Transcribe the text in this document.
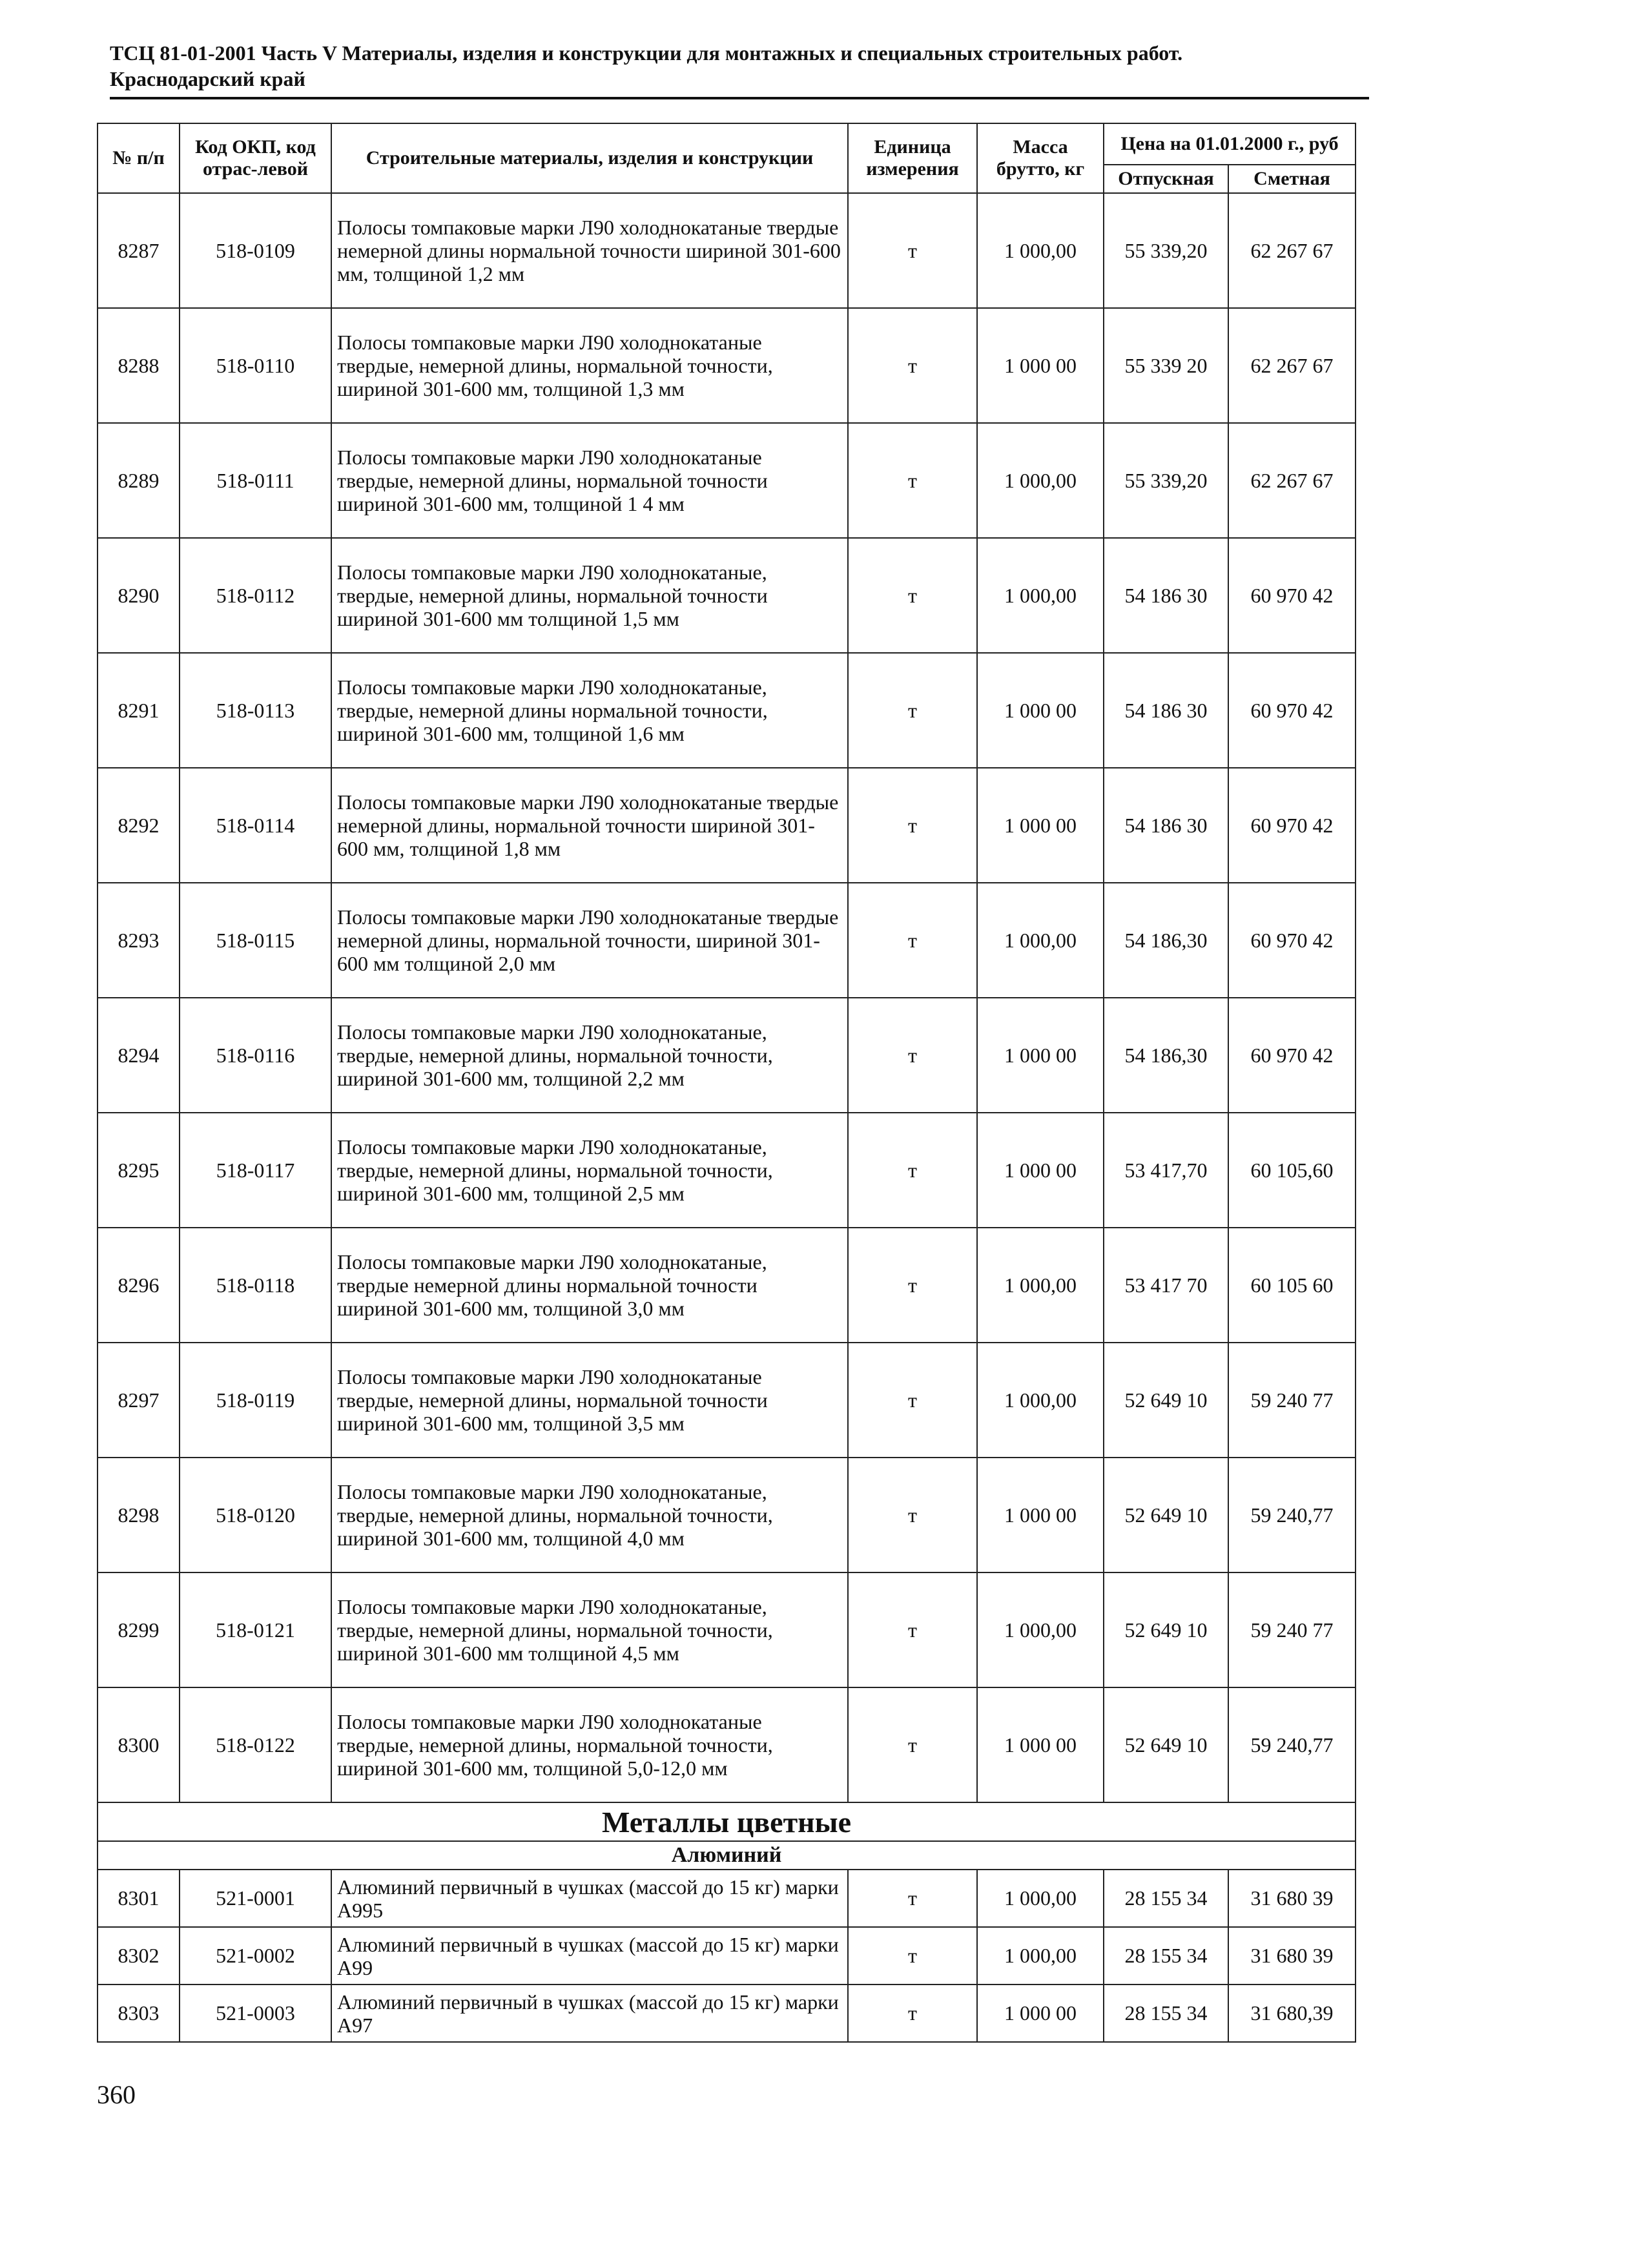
ТСЦ 81-01-2001 Часть V Материалы, изделия и конструкции для монтажных и специальных строительных работ.
Краснодарский край
№ п/п	Код ОКП, код отрас-левой	Строительные материалы, изделия и конструкции	Единица измерения	Масса брутто, кг	Цена на 01.01.2000 г., руб	
					Отпускная	Сметная
8287	518-0109	Полосы томпаковые марки Л90 холоднокатаные твердые немерной длины нормальной точности шириной 301-600 мм, толщиной 1,2 мм	т	1 000,00	55 339,20	62 267 67
8288	518-0110	Полосы томпаковые марки Л90 холоднокатаные твердые, немерной длины, нормальной точности, шириной 301-600 мм, толщиной 1,3 мм	т	1 000 00	55 339 20	62 267 67
8289	518-0111	Полосы томпаковые марки Л90 холоднокатаные твердые, немерной длины, нормальной точности шириной 301-600 мм, толщиной 1 4 мм	т	1 000,00	55 339,20	62 267 67
8290	518-0112	Полосы томпаковые марки Л90 холоднокатаные, твердые, немерной длины, нормальной точности шириной 301-600 мм толщиной 1,5 мм	т	1 000,00	54 186 30	60 970 42
8291	518-0113	Полосы томпаковые марки Л90 холоднокатаные, твердые, немерной длины нормальной точности, шириной 301-600 мм, толщиной 1,6 мм	т	1 000 00	54 186 30	60 970 42
8292	518-0114	Полосы томпаковые марки Л90 холоднокатаные твердые немерной длины, нормальной точности шириной 301-600 мм, толщиной 1,8 мм	т	1 000 00	54 186 30	60 970 42
8293	518-0115	Полосы томпаковые марки Л90 холоднокатаные твердые немерной длины, нормальной точности, шириной 301-600 мм толщиной 2,0 мм	т	1 000,00	54 186,30	60 970 42
8294	518-0116	Полосы томпаковые марки Л90 холоднокатаные, твердые, немерной длины, нормальной точности, шириной 301-600 мм, толщиной 2,2 мм	т	1 000 00	54 186,30	60 970 42
8295	518-0117	Полосы томпаковые марки Л90 холоднокатаные, твердые, немерной длины, нормальной точности, шириной 301-600 мм, толщиной 2,5 мм	т	1 000 00	53 417,70	60 105,60
8296	518-0118	Полосы томпаковые марки Л90 холоднокатаные, твердые немерной длины нормальной точности шириной 301-600 мм, толщиной 3,0 мм	т	1 000,00	53 417 70	60 105 60
8297	518-0119	Полосы томпаковые марки Л90 холоднокатаные твердые, немерной длины, нормальной точности шириной 301-600 мм, толщиной 3,5 мм	т	1 000,00	52 649 10	59 240 77
8298	518-0120	Полосы томпаковые марки Л90 холоднокатаные, твердые, немерной длины, нормальной точности, шириной 301-600 мм, толщиной 4,0 мм	т	1 000 00	52 649 10	59 240,77
8299	518-0121	Полосы томпаковые марки Л90 холоднокатаные, твердые, немерной длины, нормальной точности, шириной 301-600 мм толщиной 4,5 мм	т	1 000,00	52 649 10	59 240 77
8300	518-0122	Полосы томпаковые марки Л90 холоднокатаные твердые, немерной длины, нормальной точности, шириной 301-600 мм, толщиной 5,0-12,0 мм	т	1 000 00	52 649 10	59 240,77
Металлы цветные						
Алюминий						
8301	521-0001	Алюминий первичный в чушках (массой до 15 кг) марки А995	т	1 000,00	28 155 34	31 680 39
8302	521-0002	Алюминий первичный в чушках (массой до 15 кг) марки А99	т	1 000,00	28 155 34	31 680 39
8303	521-0003	Алюминий первичный в чушках (массой до 15 кг) марки А97	т	1 000 00	28 155 34	31 680,39
360
